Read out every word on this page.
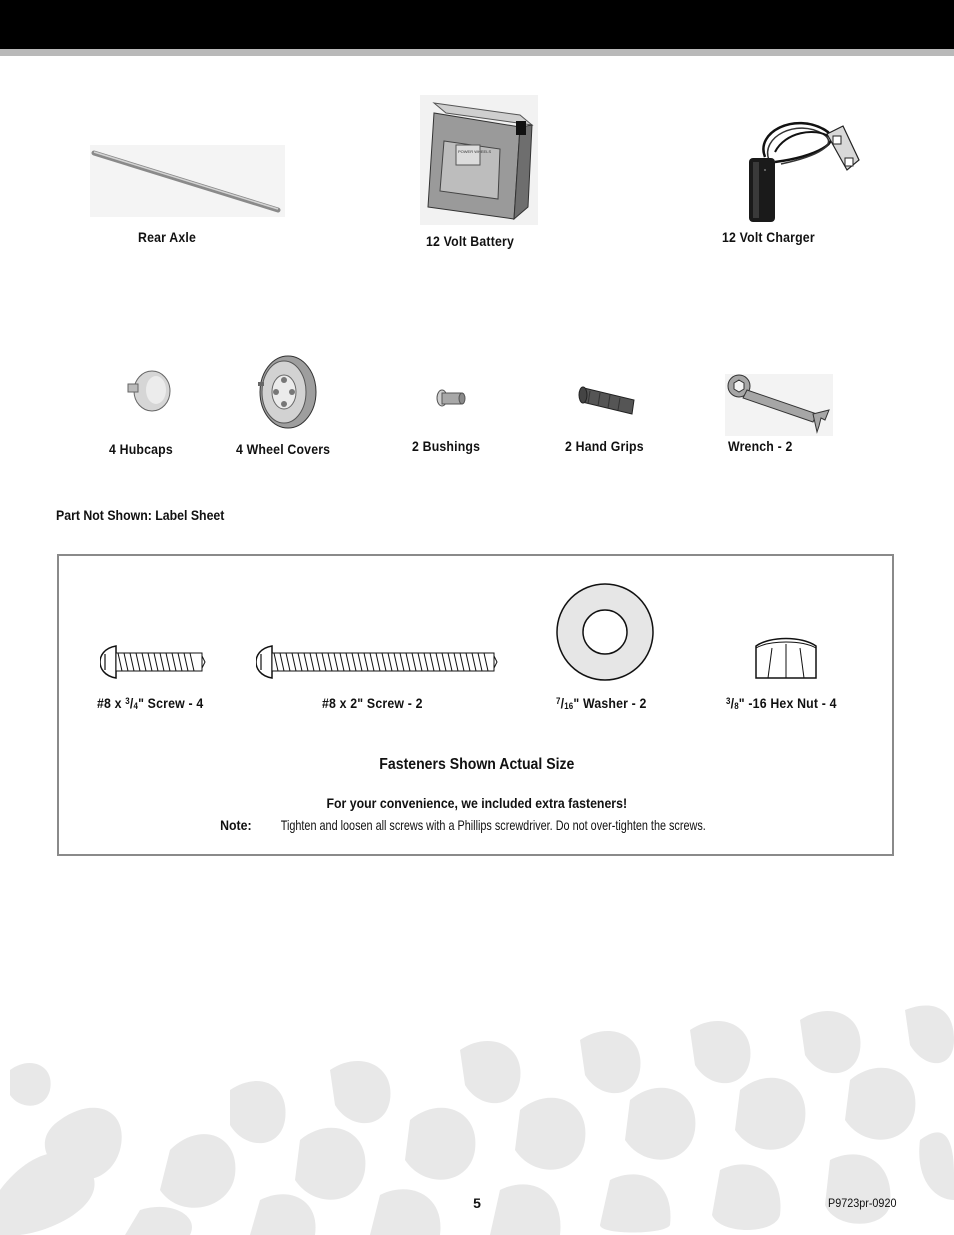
Rear Axle
POWER WHEELS
12 Volt Battery	12 Volt Charger
4 Hubcaps	4 Wheel Covers	2 Bushings	2 Hand Grips	Wrench - 2
Part Not Shown: Label Sheet
#8 x $^3/_4$" Screw - 4	#8 x 2" Screw - 2	$^7/_{16}$" Washer - 2	$^3/_8$" -16 Hex Nut - 4
Fasteners Shown Actual Size
For your convenience, we included extra fasteners!
Note:Tighten and loosen all screws with a Phillips screwdriver. Do not over-tighten the screws.
5	P9723pr-0920
